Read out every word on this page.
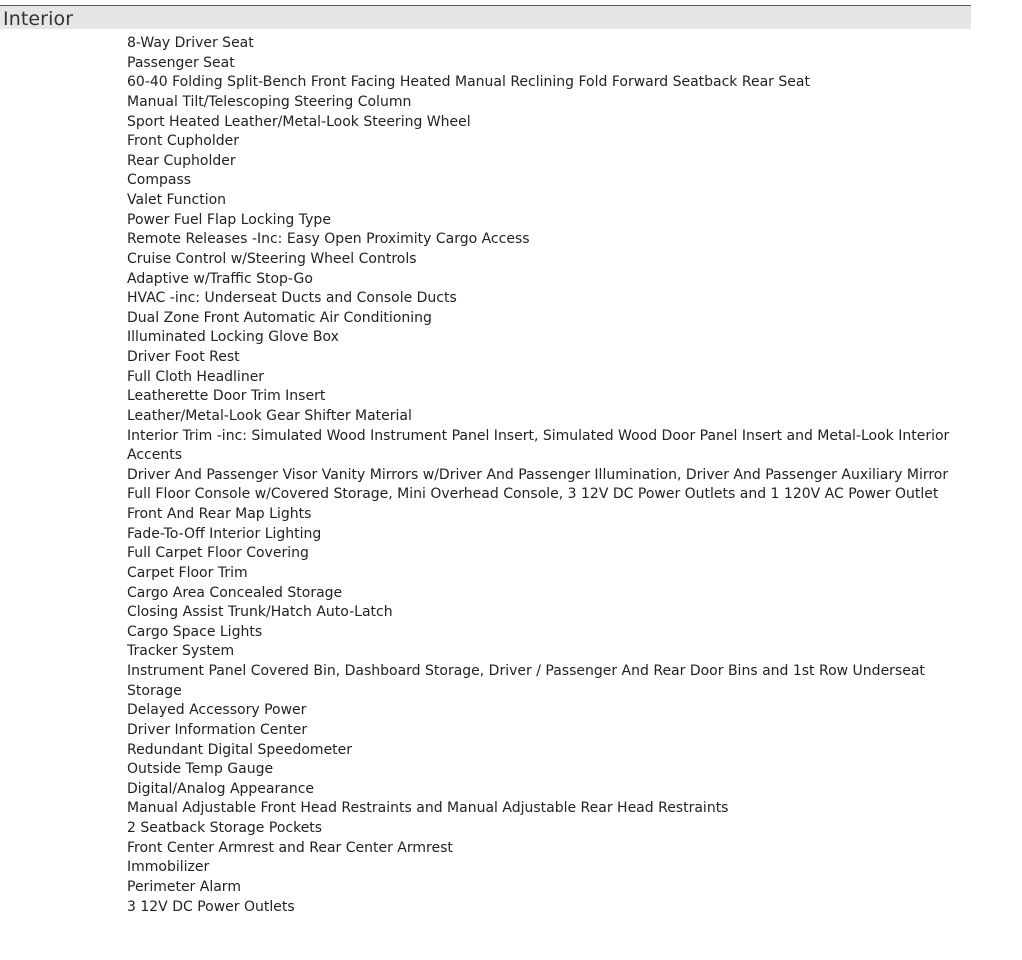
Interior
8-Way Driver Seat
Passenger Seat
60-40 Folding Split-Bench Front Facing Heated Manual Reclining Fold Forward Seatback Rear Seat
Manual Tilt/Telescoping Steering Column
Sport Heated Leather/Metal-Look Steering Wheel
Front Cupholder
Rear Cupholder
Compass
Valet Function
Power Fuel Flap Locking Type
Remote Releases -Inc: Easy Open Proximity Cargo Access
Cruise Control w/Steering Wheel Controls
Adaptive w/Traffic Stop-Go
HVAC -inc: Underseat Ducts and Console Ducts
Dual Zone Front Automatic Air Conditioning
Illuminated Locking Glove Box
Driver Foot Rest
Full Cloth Headliner
Leatherette Door Trim Insert
Leather/Metal-Look Gear Shifter Material
Interior Trim -inc: Simulated Wood Instrument Panel Insert, Simulated Wood Door Panel Insert and Metal-Look Interior Accents
Driver And Passenger Visor Vanity Mirrors w/Driver And Passenger Illumination, Driver And Passenger Auxiliary Mirror
Full Floor Console w/Covered Storage, Mini Overhead Console, 3 12V DC Power Outlets and 1 120V AC Power Outlet
Front And Rear Map Lights
Fade-To-Off Interior Lighting
Full Carpet Floor Covering
Carpet Floor Trim
Cargo Area Concealed Storage
Closing Assist Trunk/Hatch Auto-Latch
Cargo Space Lights
Tracker System
Instrument Panel Covered Bin, Dashboard Storage, Driver / Passenger And Rear Door Bins and 1st Row Underseat Storage
Delayed Accessory Power
Driver Information Center
Redundant Digital Speedometer
Outside Temp Gauge
Digital/Analog Appearance
Manual Adjustable Front Head Restraints and Manual Adjustable Rear Head Restraints
2 Seatback Storage Pockets
Front Center Armrest and Rear Center Armrest
Immobilizer
Perimeter Alarm
3 12V DC Power Outlets
